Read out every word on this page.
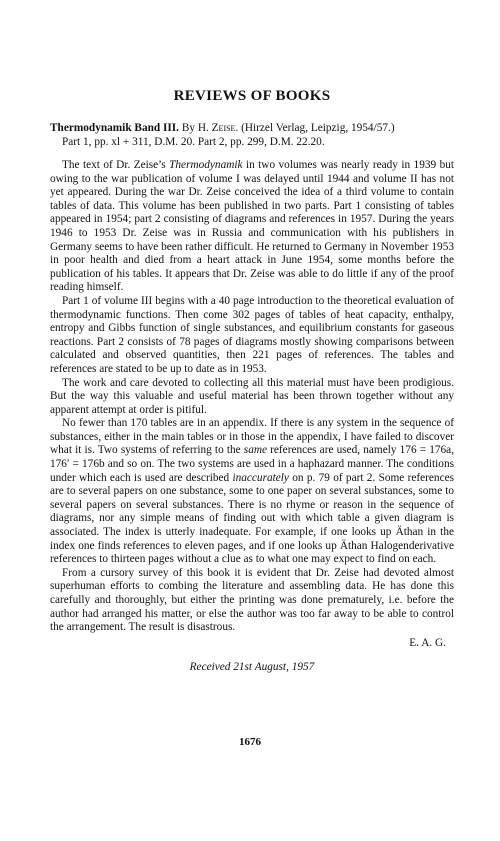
REVIEWS OF BOOKS
Thermodynamik Band III. By H. Zeise. (Hirzel Verlag, Leipzig, 1954/57.)
Part 1, pp. xl + 311, D.M. 20. Part 2, pp. 299, D.M. 22.20.

The text of Dr. Zeise’s Thermodynamik in two volumes was nearly ready in 1939 but owing to the war publication of volume I was delayed until 1944 and volume II has not yet appeared. During the war Dr. Zeise conceived the idea of a third volume to contain tables of data. This volume has been published in two parts. Part 1 consisting of tables appeared in 1954; part 2 consisting of diagrams and references in 1957. During the years 1946 to 1953 Dr. Zeise was in Russia and communication with his publishers in Germany seems to have been rather difficult. He returned to Germany in November 1953 in poor health and died from a heart attack in June 1954, some months before the publication of his tables. It appears that Dr. Zeise was able to do little if any of the proof reading himself.

Part 1 of volume III begins with a 40 page introduction to the theoretical evaluation of thermodynamic functions. Then come 302 pages of tables of heat capacity, enthalpy, entropy and Gibbs function of single substances, and equilibrium constants for gaseous reactions. Part 2 consists of 78 pages of diagrams mostly showing comparisons between calculated and observed quantities, then 221 pages of references. The tables and references are stated to be up to date as in 1953.

The work and care devoted to collecting all this material must have been prodigious. But the way this valuable and useful material has been thrown together without any apparent attempt at order is pitiful.

No fewer than 170 tables are in an appendix. If there is any system in the sequence of substances, either in the main tables or in those in the appendix, I have failed to discover what it is. Two systems of referring to the same references are used, namely 176 = 176a, 176′ = 176b and so on. The two systems are used in a haphazard manner. The conditions under which each is used are described inaccurately on p. 79 of part 2. Some references are to several papers on one substance, some to one paper on several substances, some to several papers on several substances. There is no rhyme or reason in the sequence of diagrams, nor any simple means of finding out with which table a given diagram is associated. The index is utterly inadequate. For example, if one looks up Äthan in the index one finds references to eleven pages, and if one looks up Äthan Halogenderivative references to thirteen pages without a clue as to what one may expect to find on each.

From a cursory survey of this book it is evident that Dr. Zeise had devoted almost superhuman efforts to combing the literature and assembling data. He has done this carefully and thoroughly, but either the printing was done prematurely, i.e. before the author had arranged his matter, or else the author was too far away to be able to control the arrangement. The result is disastrous.

E. A. G.
Received 21st August, 1957
1676
